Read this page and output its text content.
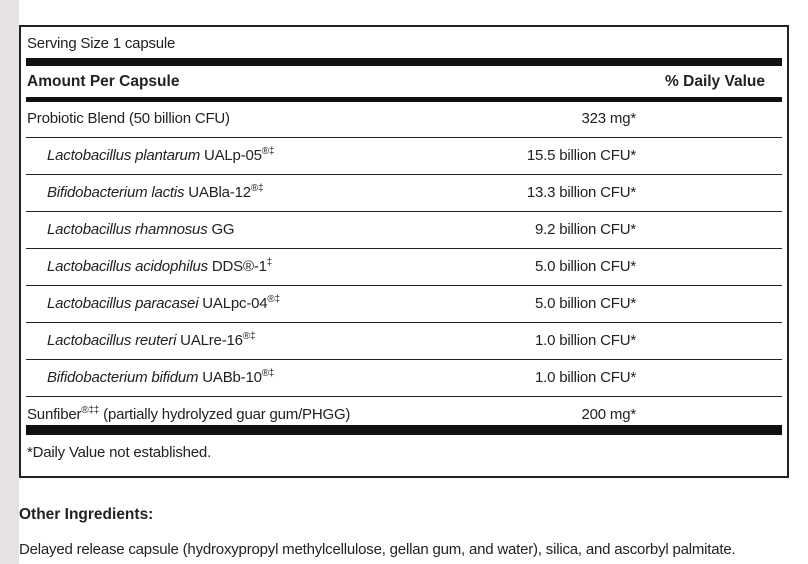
Serving Size 1 capsule
Amount Per Capsule	% Daily Value
Probiotic Blend (50 billion CFU)	323 mg*
Lactobacillus plantarum UALp-05®‡	15.5 billion CFU*
Bifidobacterium lactis UABla-12®‡	13.3 billion CFU*
Lactobacillus rhamnosus GG	9.2 billion CFU*
Lactobacillus acidophilus DDS®-1‡	5.0 billion CFU*
Lactobacillus paracasei UALpc-04®‡	5.0 billion CFU*
Lactobacillus reuteri UALre-16®‡	1.0 billion CFU*
Bifidobacterium bifidum UABb-10®‡	1.0 billion CFU*
Sunfiber®‡‡ (partially hydrolyzed guar gum/PHGG)	200 mg*
*Daily Value not established.
Other Ingredients:
Delayed release capsule (hydroxypropyl methylcellulose, gellan gum, and water), silica, and ascorbyl palmitate.
